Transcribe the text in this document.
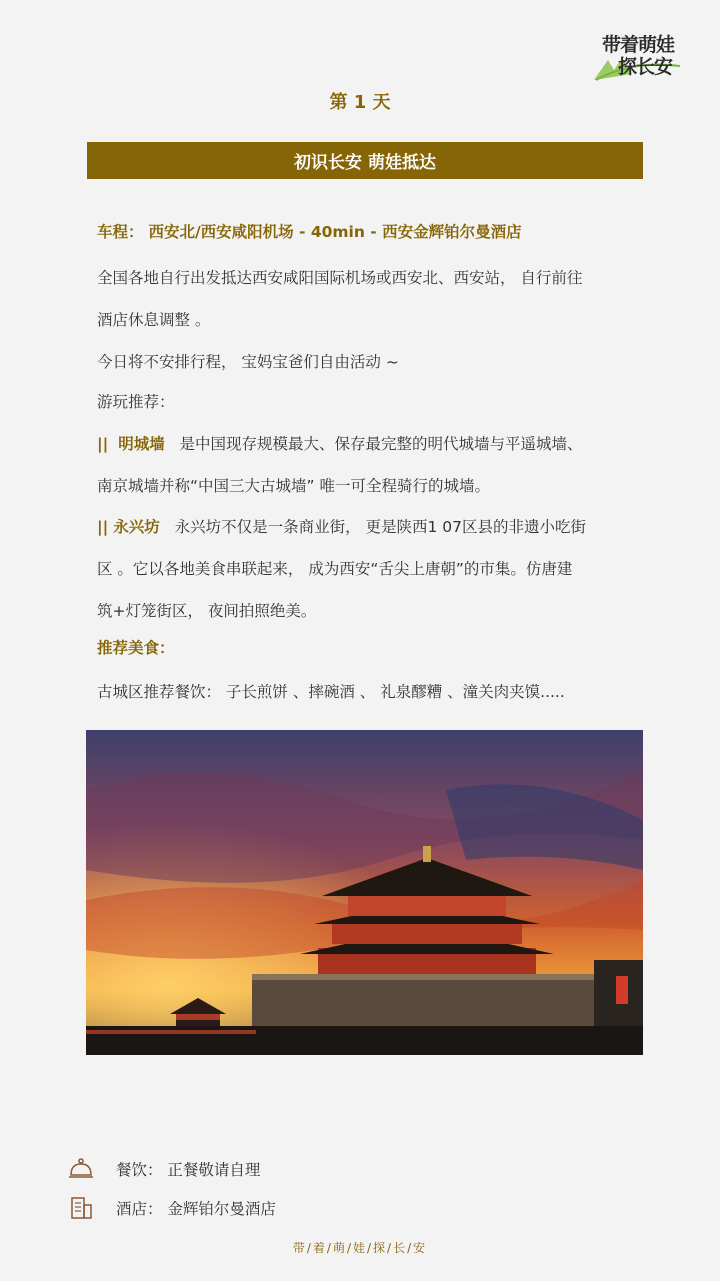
带着萌娃
探长安
第 1 天
初识长安 萌娃抵达
车程： 西安北/西安咸阳机场 - 40min - 西安金辉铂尔曼酒店
全国各地自行出发抵达西安咸阳国际机场或西安北、西安站， 自行前往
酒店休息调整 。
今日将不安排行程， 宝妈宝爸们自由活动 ~
游玩推荐：
|| 明城墙 是中国现存规模最大、保存最完整的明代城墙与平遥城墙、
南京城墙并称“中国三大古城墙” 唯一可全程骑行的城墙。
|| 永兴坊 永兴坊不仅是一条商业街， 更是陕西1 07区县的非遗小吃街
区 。它以各地美食串联起来， 成为西安“舌尖上唐朝”的市集。仿唐建
筑+灯笼街区， 夜间拍照绝美。
推荐美食：
古城区推荐餐饮： 子长煎饼 、摔碗酒 、 礼泉醪糟 、潼关肉夹馍.....
餐饮： 正餐敬请自理
酒店： 金辉铂尔曼酒店
带/着/萌/娃/探/长/安
